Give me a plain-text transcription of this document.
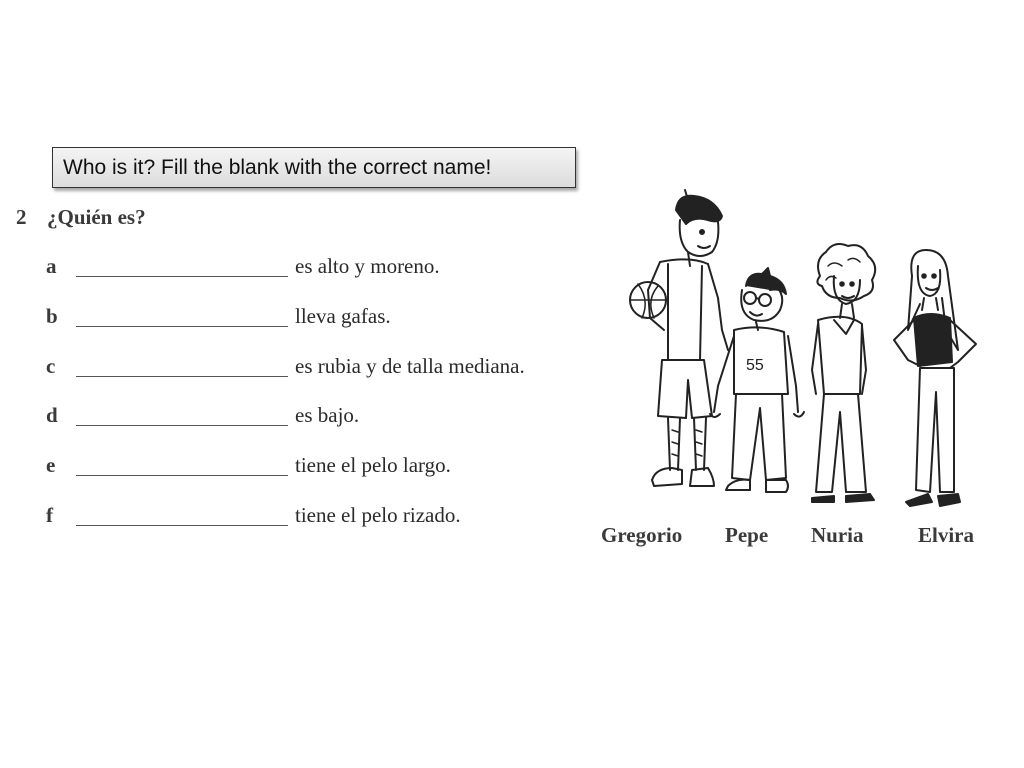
Who is it? Fill the blank with the correct name!
2 ¿Quién es?
a	es alto y moreno.
b	lleva gafas.
c	es rubia y de talla mediana.
d	es bajo.
e	tiene el pelo largo.
f	tiene el pelo rizado.
55
Gregorio Pepe Nuria	Elvira
